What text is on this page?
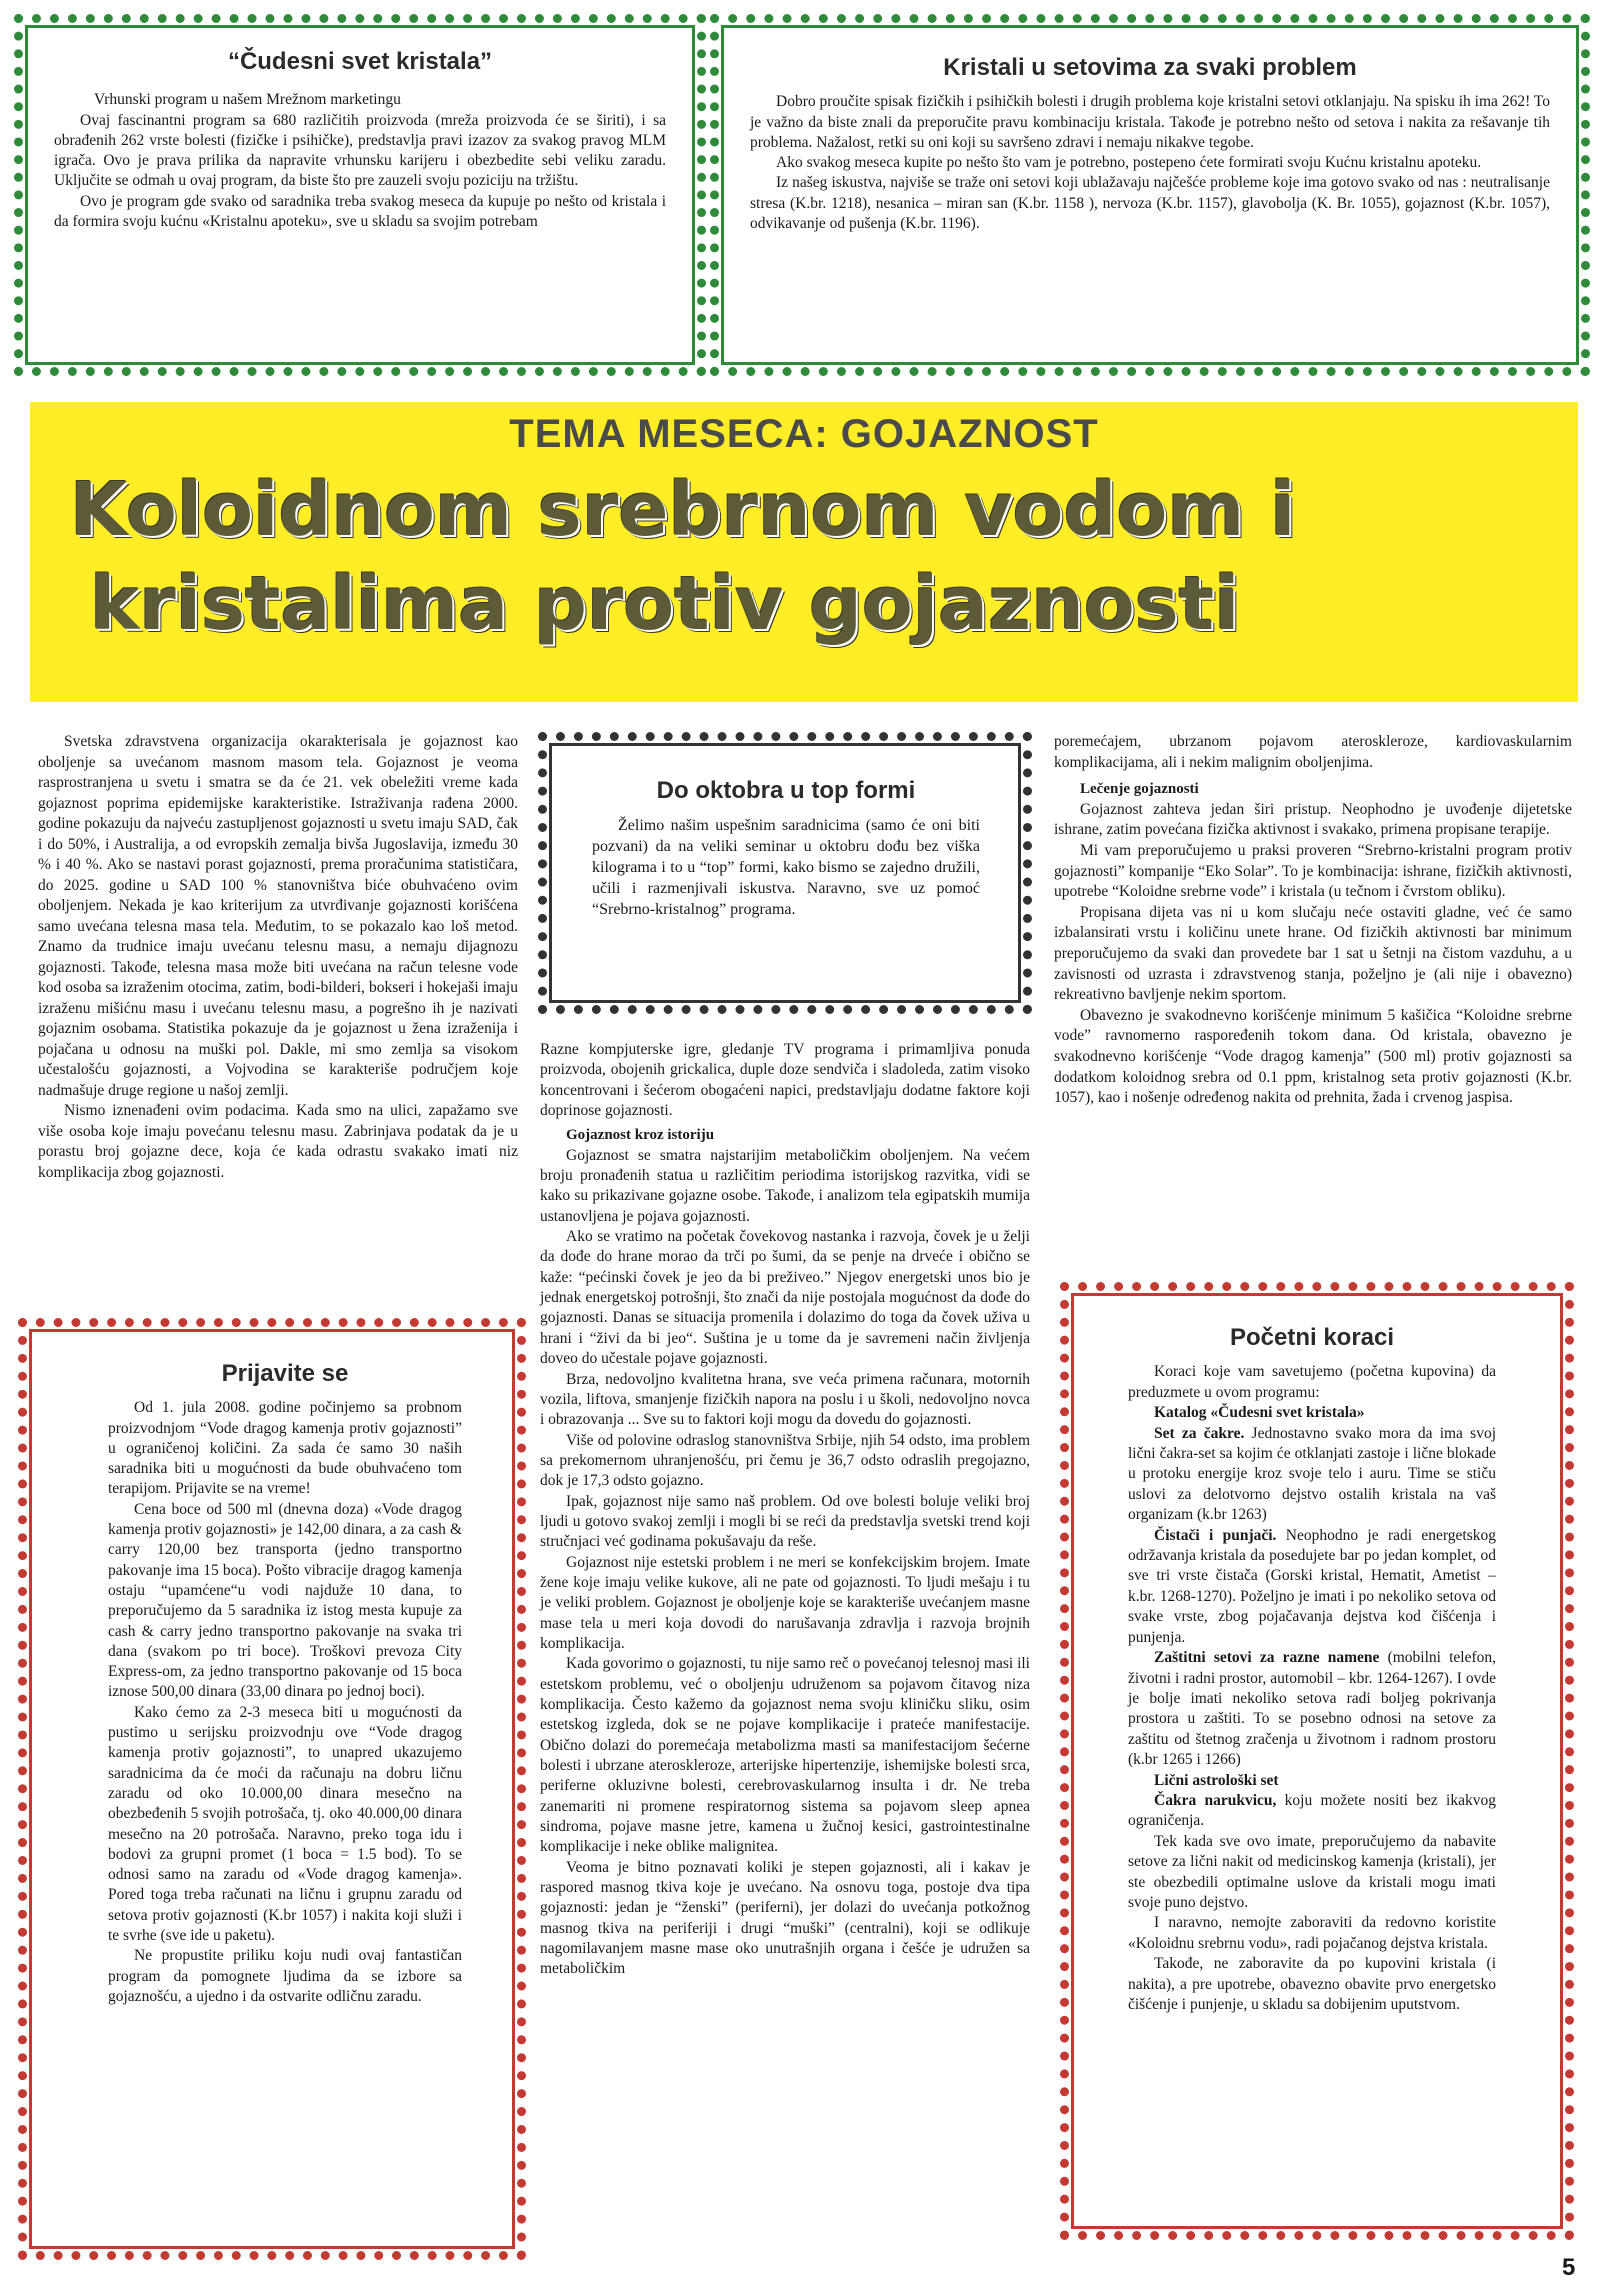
“Čudesni svet kristala”

Vrhunski program u našem Mrežnom marketingu

Ovaj fascinantni program sa 680 različitih proizvoda (mreža proizvoda će se širiti), i sa obrađenih 262 vrste bolesti (fizičke i psihičke), predstavlja pravi izazov za svakog pravog MLM igrača. Ovo je prava prilika da napravite vrhunsku karijeru i obezbedite sebi veliku zaradu. Uključite se odmah u ovaj program, da biste što pre zauzeli svoju poziciju na tržištu.

Ovo je program gde svako od saradnika treba svakog meseca da kupuje po nešto od kristala i da formira svoju kućnu «Kristalnu apoteku», sve u skladu sa svojim potrebam

Kristali u setovima za svaki problem

Dobro proučite spisak fizičkih i psihičkih bolesti i drugih problema koje kristalni setovi otklanjaju. Na spisku ih ima 262! To je važno da biste znali da preporučite pravu kombinaciju kristala. Takođe je potrebno nešto od setova i nakita za rešavanje tih problema. Nažalost, retki su oni koji su savršeno zdravi i nemaju nikakve tegobe.

Ako svakog meseca kupite po nešto što vam je potrebno, postepeno ćete formirati svoju Kućnu kristalnu apoteku.

Iz našeg iskustva, najviše se traže oni setovi koji ublažavaju najčešće probleme koje ima gotovo svako od nas : neutralisanje stresa (K.br. 1218), nesanica – miran san (K.br. 1158 ), nervoza (K.br. 1157), glavobolja (K. Br. 1055), gojaznost (K.br. 1057), odvikavanje od pušenja (K.br. 1196).

TEMA MESECA: GOJAZNOST
Koloidnom srebrnom vodom i
kristalima protiv gojaznosti

Svetska zdravstvena organizacija okarakterisala je gojaznost kao oboljenje sa uvećanom masnom masom tela. Gojaznost je veoma rasprostranjena u svetu i smatra se da će 21. vek obeležiti vreme kada gojaznost poprima epidemijske karakteristike. Istraživanja rađena 2000. godine pokazuju da najveću zastupljenost gojaznosti u svetu imaju SAD, čak i do 50%, i Australija, a od evropskih zemalja bivša Jugoslavija, između 30 % i 40 %. Ako se nastavi porast gojaznosti, prema proračunima statističara, do 2025. godine u SAD 100 % stanovništva biće obuhvaćeno ovim oboljenjem. Nekada je kao kriterijum za utvrđivanje gojaznosti korišćena samo uvećana telesna masa tela. Međutim, to se pokazalo kao loš metod. Znamo da trudnice imaju uvećanu telesnu masu, a nemaju dijagnozu gojaznosti. Takođe, telesna masa može biti uvećana na račun telesne vode kod osoba sa izraženim otocima, zatim, bodi-bilderi, bokseri i hokejaši imaju izraženu mišićnu masu i uvećanu telesnu masu, a pogrešno ih je nazivati gojaznim osobama. Statistika pokazuje da je gojaznost u žena izraženija i pojačana u odnosu na muški pol. Dakle, mi smo zemlja sa visokom učestalošću gojaznosti, a Vojvodina se karakteriše područjem koje nadmašuje druge regione u našoj zemlji.

Nismo iznenađeni ovim podacima. Kada smo na ulici, zapažamo sve više osoba koje imaju povećanu telesnu masu. Zabrinjava podatak da je u porastu broj gojazne dece, koja će kada odrastu svakako imati niz komplikacija zbog gojaznosti.

Prijavite se

Od 1. jula 2008. godine počinjemo sa probnom proizvodnjom “Vode dragog kamenja protiv gojaznosti” u ograničenoj količini. Za sada će samo 30 naših saradnika biti u mogućnosti da bude obuhvaćeno tom terapijom. Prijavite se na vreme!

Cena boce od 500 ml (dnevna doza) «Vode dragog kamenja protiv gojaznosti» je 142,00 dinara, a za cash & carry 120,00 bez transporta (jedno transportno pakovanje ima 15 boca). Pošto vibracije dragog kamenja ostaju “upamćene“u vodi najduže 10 dana, to preporučujemo da 5 saradnika iz istog mesta kupuje za cash & carry jedno transportno pakovanje na svaka tri dana (svakom po tri boce). Troškovi prevoza City Express-om, za jedno transportno pakovanje od 15 boca iznose 500,00 dinara (33,00 dinara po jednoj boci).

Kako ćemo za 2-3 meseca biti u mogućnosti da pustimo u serijsku proizvodnju ove “Vode dragog kamenja protiv gojaznosti”, to unapred ukazujemo saradnicima da će moći da računaju na dobru ličnu zaradu od oko 10.000,00 dinara mesečno na obezbeđenih 5 svojih potrošača, tj. oko 40.000,00 dinara mesečno na 20 potrošača. Naravno, preko toga idu i bodovi za grupni promet (1 boca = 1.5 bod). To se odnosi samo na zaradu od «Vode dragog kamenja». Pored toga treba računati na ličnu i grupnu zaradu od setova protiv gojaznosti (K.br 1057) i nakita koji služi i te svrhe (sve ide u paketu).

Ne propustite priliku koju nudi ovaj fantastičan program da pomognete ljudima da se izbore sa gojaznošću, a ujedno i da ostvarite odličnu zaradu.

Do oktobra u top formi

Želimo našim uspešnim saradnicima (samo će oni biti pozvani) da na veliki seminar u oktobru dođu bez viška kilograma i to u “top” formi, kako bismo se zajedno družili, učili i razmenjivali iskustva. Naravno, sve uz pomoć “Srebrno-kristalnog” programa.

Razne kompjuterske igre, gledanje TV programa i primamljiva ponuda proizvoda, obojenih grickalica, duple doze sendviča i sladoleda, zatim visoko koncentrovani i šećerom obogaćeni napici, predstavljaju dodatne faktore koji doprinose gojaznosti.

Gojaznost kroz istoriju

Gojaznost se smatra najstarijim metaboličkim oboljenjem. Na većem broju pronađenih statua u različitim periodima istorijskog razvitka, vidi se kako su prikazivane gojazne osobe. Takođe, i analizom tela egipatskih mumija ustanovljena je pojava gojaznosti.

Ako se vratimo na početak čovekovog nastanka i razvoja, čovek je u želji da dođe do hrane morao da trči po šumi, da se penje na drveće i obično se kaže: “pećinski čovek je jeo da bi preživeo.” Njegov energetski unos bio je jednak energetskoj potrošnji, što znači da nije postojala mogućnost da dođe do gojaznosti. Danas se situacija promenila i dolazimo do toga da čovek uživa u hrani i “živi da bi jeo“. Suština je u tome da je savremeni način življenja doveo do učestale pojave gojaznosti.

Brza, nedovoljno kvalitetna hrana, sve veća primena računara, motornih vozila, liftova, smanjenje fizičkih napora na poslu i u školi, nedovoljno novca i obrazovanja ... Sve su to faktori koji mogu da dovedu do gojaznosti.

Više od polovine odraslog stanovništva Srbije, njih 54 odsto, ima problem sa prekomernom uhranjenošću, pri čemu je 36,7 odsto odraslih pregojazno, dok je 17,3 odsto gojazno.

Ipak, gojaznost nije samo naš problem. Od ove bolesti boluje veliki broj ljudi u gotovo svakoj zemlji i mogli bi se reći da predstavlja svetski trend koji stručnjaci već godinama pokušavaju da reše.

Gojaznost nije estetski problem i ne meri se konfekcijskim brojem. Imate žene koje imaju velike kukove, ali ne pate od gojaznosti. To ljudi mešaju i tu je veliki problem. Gojaznost je oboljenje koje se karakteriše uvećanjem masne mase tela u meri koja dovodi do narušavanja zdravlja i razvoja brojnih komplikacija.

Kada govorimo o gojaznosti, tu nije samo reč o povećanoj telesnoj masi ili estetskom problemu, već o oboljenju udruženom sa pojavom čitavog niza komplikacija. Često kažemo da gojaznost nema svoju kliničku sliku, osim estetskog izgleda, dok se ne pojave komplikacije i prateće manifestacije. Obično dolazi do poremećaja metabolizma masti sa manifestacijom šećerne bolesti i ubrzane ateroskleroze, arterijske hipertenzije, ishemijske bolesti srca, periferne okluzivne bolesti, cerebrovaskularnog insulta i dr. Ne treba zanemariti ni promene respiratornog sistema sa pojavom sleep apnea sindroma, pojave masne jetre, kamena u žučnoj kesici, gastrointestinalne komplikacije i neke oblike malignitea.

Veoma je bitno poznavati koliki je stepen gojaznosti, ali i kakav je raspored masnog tkiva koje je uvećano. Na osnovu toga, postoje dva tipa gojaznosti: jedan je “ženski” (periferni), jer dolazi do uvećanja potkožnog masnog tkiva na periferiji i drugi “muški” (centralni), koji se odlikuje nagomilavanjem masne mase oko unutrašnjih organa i češće je udružen sa metaboličkim

poremećajem, ubrzanom pojavom ateroskleroze, kardiovaskularnim komplikacijama, ali i nekim malignim oboljenjima.

Lečenje gojaznosti

Gojaznost zahteva jedan širi pristup. Neophodno je uvođenje dijetetske ishrane, zatim povećana fizička aktivnost i svakako, primena propisane terapije.

Mi vam preporučujemo u praksi proveren “Srebrno-kristalni program protiv gojaznosti” kompanije “Eko Solar”. To je kombinacija: ishrane, fizičkih aktivnosti, upotrebe “Koloidne srebrne vode” i kristala (u tečnom i čvrstom obliku).

Propisana dijeta vas ni u kom slučaju neće ostaviti gladne, već će samo izbalansirati vrstu i količinu unete hrane. Od fizičkih aktivnosti bar minimum preporučujemo da svaki dan provedete bar 1 sat u šetnji na čistom vazduhu, a u zavisnosti od uzrasta i zdravstvenog stanja, poželjno je (ali nije i obavezno) rekreativno bavljenje nekim sportom.

Obavezno je svakodnevno korišćenje minimum 5 kašičica “Koloidne srebrne vode” ravnomerno raspoređenih tokom dana. Od kristala, obavezno je svakodnevno korišćenje “Vode dragog kamenja” (500 ml) protiv gojaznosti sa dodatkom koloidnog srebra od 0.1 ppm, kristalnog seta protiv gojaznosti (K.br. 1057), kao i nošenje određenog nakita od prehnita, žada i crvenog jaspisa.

Početni koraci

Koraci koje vam savetujemo (početna kupovina) da preduzmete u ovom programu:

Katalog «Čudesni svet kristala»

Set za čakre. Jednostavno svako mora da ima svoj lični čakra-set sa kojim će otklanjati zastoje i lične blokade u protoku energije kroz svoje telo i auru. Time se stiču uslovi za delotvorno dejstvo ostalih kristala na vaš organizam (k.br 1263)

Čistači i punjači. Neophodno je radi energetskog održavanja kristala da posedujete bar po jedan komplet, od sve tri vrste čistača (Gorski kristal, Hematit, Ametist – k.br. 1268-1270). Poželjno je imati i po nekoliko setova od svake vrste, zbog pojačavanja dejstva kod čišćenja i punjenja.

Zaštitni setovi za razne namene (mobilni telefon, životni i radni prostor, automobil – kbr. 1264-1267). I ovde je bolje imati nekoliko setova radi boljeg pokrivanja prostora u zaštiti. To se posebno odnosi na setove za zaštitu od štetnog zračenja u životnom i radnom prostoru (k.br 1265 i 1266)

Lični astrološki set

Čakra narukvicu, koju možete nositi bez ikakvog ograničenja.

Tek kada sve ovo imate, preporučujemo da nabavite setove za lični nakit od medicinskog kamenja (kristali), jer ste obezbedili optimalne uslove da kristali mogu imati svoje puno dejstvo.

I naravno, nemojte zaboraviti da redovno koristite «Koloidnu srebrnu vodu», radi pojačanog dejstva kristala.

Takođe, ne zaboravite da po kupovini kristala (i nakita), a pre upotrebe, obavezno obavite prvo energetsko čišćenje i punjenje, u skladu sa dobijenim uputstvom.

5
